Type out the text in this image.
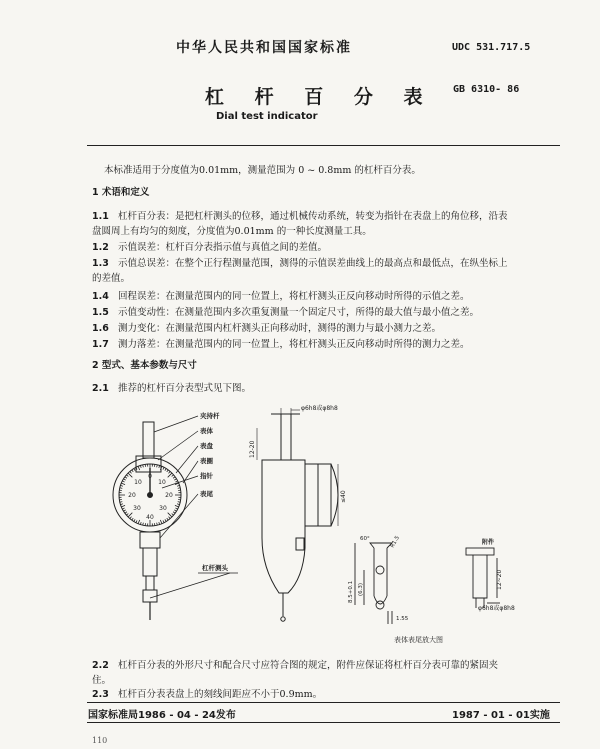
中华人民共和国国家标准	UDC 531.717.5
杠 杆 百 分 表 GB 6310- 86
Dial test indicator
本标准适用于分度值为0.01mm，测量范围为 0 ~ 0.8mm 的杠杆百分表。
1 术语和定义
1.1 杠杆百分表：是把杠杆测头的位移，通过机械传动系统，转变为指针在表盘上的角位移，沿表
盘圆周上有均匀的刻度，分度值为0.01mm 的一种长度测量工具。
1.2 示值误差：杠杆百分表指示值与真值之间的差值。
1.3 示值总误差：在整个正行程测量范围，测得的示值误差曲线上的最高点和最低点，在纵坐标上
的差值。
1.4 回程误差：在测量范围内的同一位置上，将杠杆测头正反向移动时所得的示值之差。
1.5 示值变动性：在测量范围内多次重复测量一个固定尺寸，所得的最大值与最小值之差。
1.6 测力变化：在测量范围内杠杆测头正向移动时，测得的测力与最小测力之差。
1.7 测力落差：在测量范围内的同一位置上，将杠杆测头正反向移动时所得的测力之差。
2 型式、基本参数与尺寸
2.1 推荐的杠杆百分表型式见下图。
0
10
20
30
40
10
20
30
夹持杆
表体
表盘
表圈
指针
表尾
杠杆测头
φ6h8或φ8h8
12-20
≤40
60°	R1.5
8.5+0.1 (6.3)
1.55
附件
12~20
φ6h8或φ8h8
表体表尾放大图
2.2 杠杆百分表的外形尺寸和配合尺寸应符合图的规定，附件应保证将杠杆百分表可靠的紧固夹
住。
2.3 杠杆百分表表盘上的刻线间距应不小于0.9mm。
国家标准局1986 - 04 - 24发布	1987 - 01 - 01实施
110
